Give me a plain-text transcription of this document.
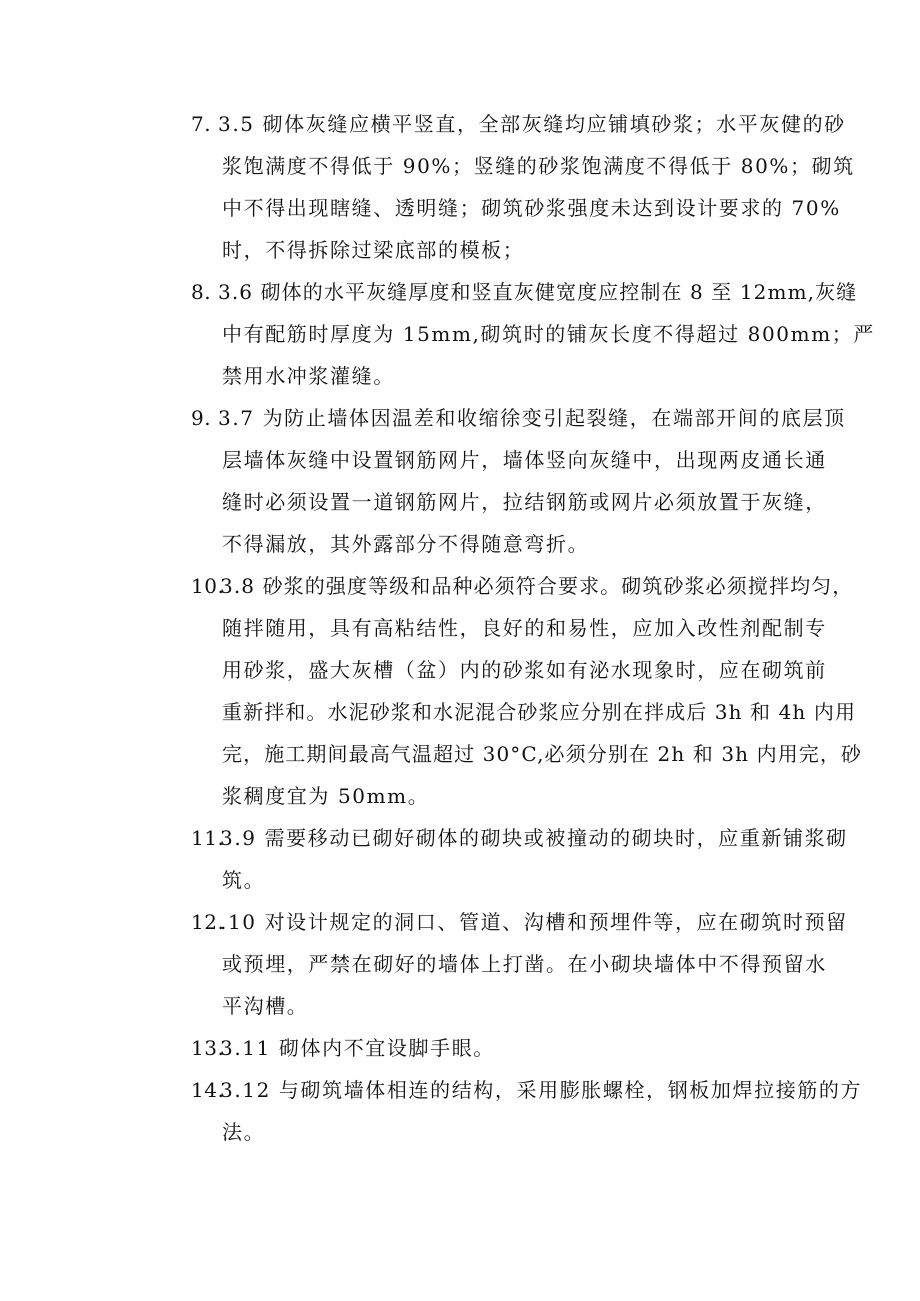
7. 3.5 砌体灰缝应横平竖直，全部灰缝均应铺填砂浆；水平灰健的砂
浆饱满度不得低于 90%；竖缝的砂浆饱满度不得低于 80%；砌筑
中不得出现瞎缝、透明缝；砌筑砂浆强度未达到设计要求的 70%
时，不得拆除过梁底部的模板；
8. 3.6 砌体的水平灰缝厚度和竖直灰健宽度应控制在 8 至 12mm,灰缝
中有配筋时厚度为 15mm,砌筑时的铺灰长度不得超过 800mm；严
禁用水冲浆灌缝。
9. 3.7 为防止墙体因温差和收缩徐变引起裂缝，在端部开间的底层顶
层墙体灰缝中设置钢筋网片，墙体竖向灰缝中，出现两皮通长通
缝时必须设置一道钢筋网片，拉结钢筋或网片必须放置于灰缝，
不得漏放，其外露部分不得随意弯折。
10.
3.8 砂浆的强度等级和品种必须符合要求。砌筑砂浆必须搅拌均匀，
随拌随用，具有高粘结性，良好的和易性，应加入改性剂配制专
用砂浆，盛大灰槽（盆）内的砂浆如有泌水现象时，应在砌筑前
重新拌和。水泥砂浆和水泥混合砂浆应分别在拌成后 3h 和 4h 内用
完，施工期间最高气温超过 30°C,必须分别在 2h 和 3h 内用完，砂
浆稠度宜为 50mm。
11.
3.9 需要移动已砌好砌体的砌块或被撞动的砌块时，应重新铺浆砌
筑。
12.
.10 对设计规定的洞口、管道、沟槽和预埋件等，应在砌筑时预留
或预埋，严禁在砌好的墙体上打凿。在小砌块墙体中不得预留水
平沟槽。
13.
3.11 砌体内不宜设脚手眼。
14.
3.12 与砌筑墙体相连的结构，采用膨胀螺栓，钢板加焊拉接筋的方
法。
